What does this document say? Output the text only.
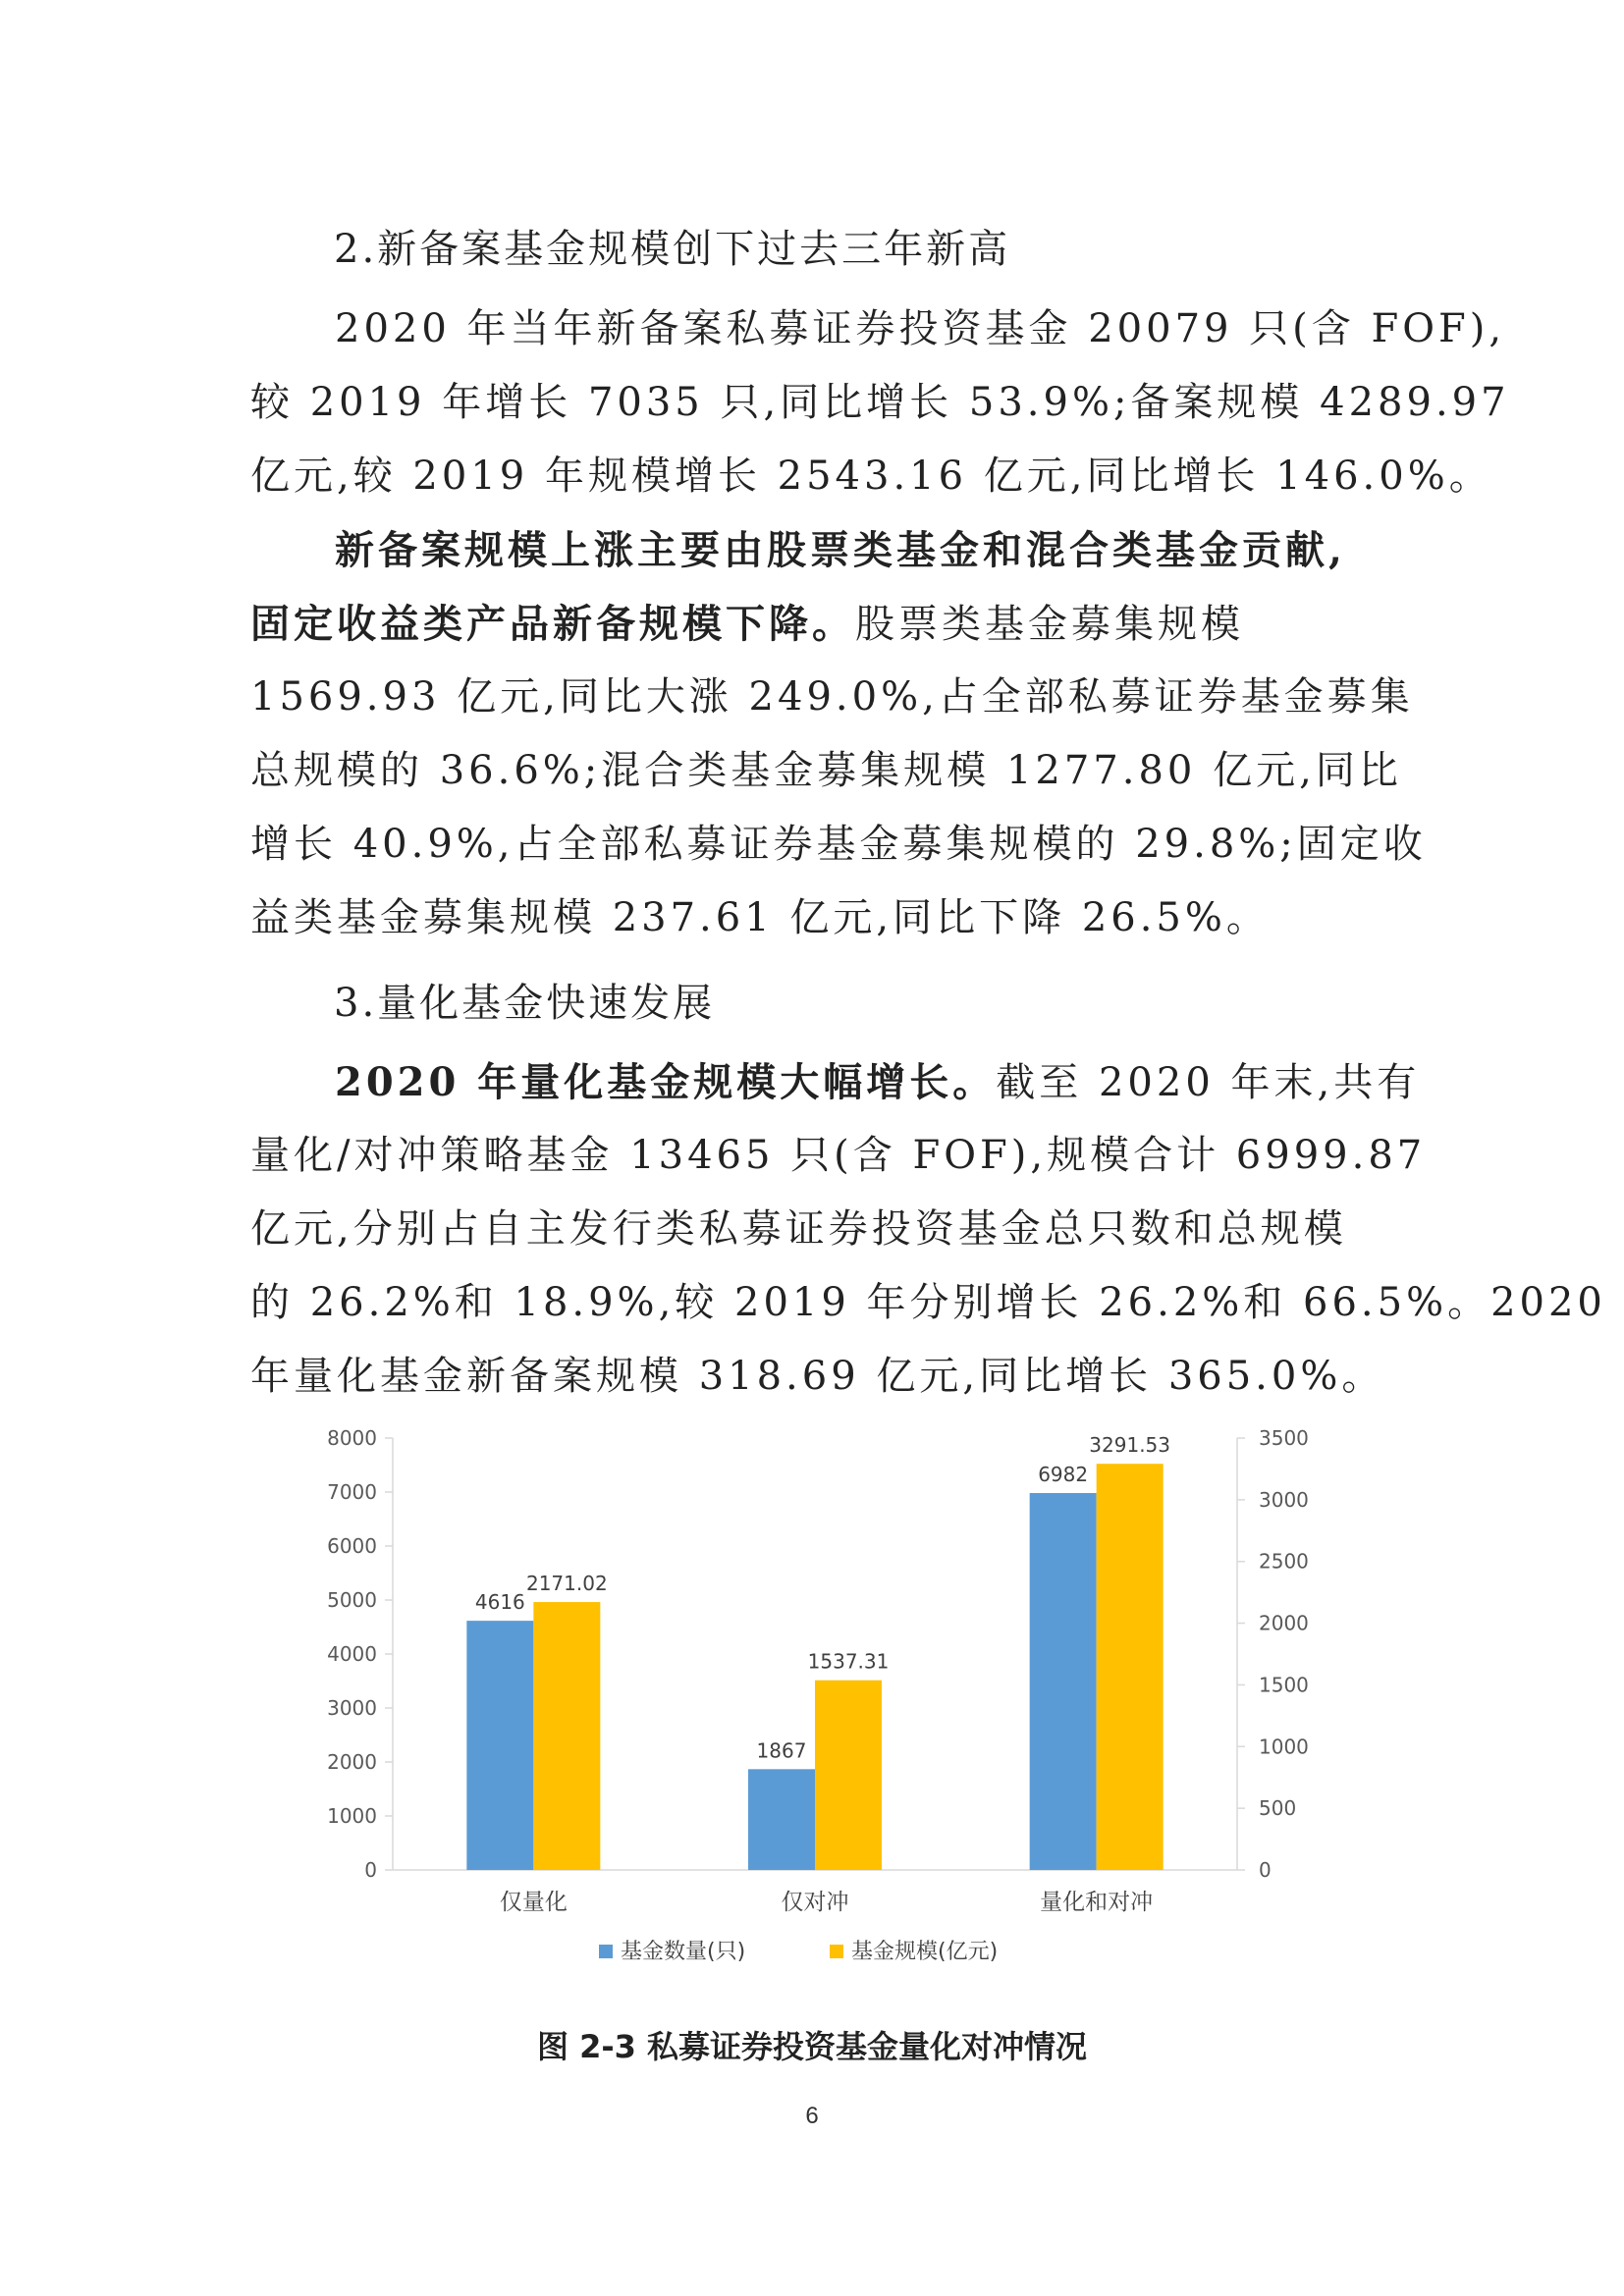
2.新备案基金规模创下过去三年新高
2020 年当年新备案私募证券投资基金 20079 只(含 FOF),
较 2019 年增长 7035 只,同比增长 53.9%;备案规模 4289.97
亿元,较 2019 年规模增长 2543.16 亿元,同比增长 146.0%。
新备案规模上涨主要由股票类基金和混合类基金贡献,
固定收益类产品新备规模下降。股票类基金募集规模
1569.93 亿元,同比大涨 249.0%,占全部私募证券基金募集
总规模的 36.6%;混合类基金募集规模 1277.80 亿元,同比
增长 40.9%,占全部私募证券基金募集规模的 29.8%;固定收
益类基金募集规模 237.61 亿元,同比下降 26.5%。
3.量化基金快速发展
2020 年量化基金规模大幅增长。截至 2020 年末,共有
量化/对冲策略基金 13465 只(含 FOF),规模合计 6999.87
亿元,分别占自主发行类私募证券投资基金总只数和总规模
的 26.2%和 18.9%,较 2019 年分别增长 26.2%和 66.5%。2020
年量化基金新备案规模 318.69 亿元,同比增长 365.0%。
0
1000
2000
3000
4000
5000
6000
7000
8000
0
500
1000
1500
2000
2500
3000
3500
4616
2171.02
仅量化
1867
1537.31
仅对冲
6982
3291.53
量化和对冲
基金数量(只)	基金规模(亿元)
图 2-3 私募证券投资基金量化对冲情况
6
